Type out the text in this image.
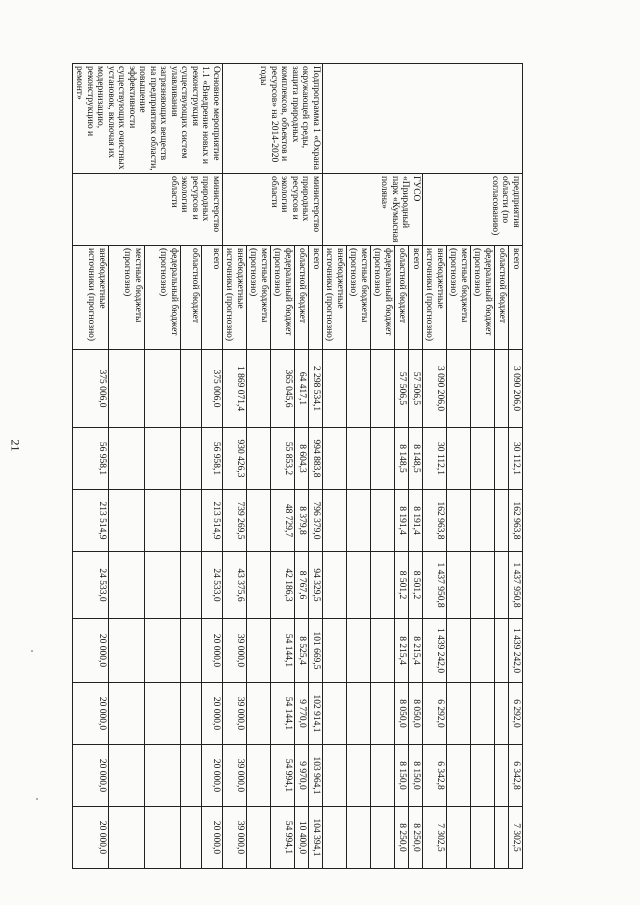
21
	предприятия области (по согласованию)	всего	3 090 206,0	30 112,1	162 963,8	1 437 950,8	1 439 242,0	6 292,0	6 342,8	7 302,5
		областной бюджет								
		федеральный бюджет (прогнозно)								
		местные бюджеты (прогнозно)								
		внебюджетные источники (прогнозно)	3 090 206,0	30 112,1	162 963,8	1 437 950,8	1 439 242,0	6 292,0	6 342,8	7 302,5
	ГУСО «Природный парк «Кумысная поляна»	всего	57 506,5	8 148,5	8 191,4	8 501,2	8 215,4	8 050,0	8 150,0	8 250,0
		областной бюджет	57 506,5	8 148,5	8 191,4	8 501,2	8 215,4	8 050,0	8 150,0	8 250,0
		федеральный бюджет (прогнозно)								
		местные бюджеты (прогнозно)								
		внебюджетные источники (прогнозно)								
Подпрограмма 1 «Охрана окружающей среды, защита природных комплексов, объектов и ресурсов» на 2014-2020 годы	министерство природных ресурсов и экологии области	всего	2 298 534,1	994 883,8	796 379,0	94 329,5	101 669,5	102 914,1	103 964,1	104 394,1
		областной бюджет	64 417,1	8 604,3	8 379,8	8 767,6	8 525,4	9 770,0	9 970,0	10 400,0
		федеральный бюджет (прогнозно)	365 045,6	55 853,2	48 729,7	42 186,3	54 144,1	54 144,1	54 994,1	54 994,1
		местные бюджеты (прогнозно)								
		внебюджетные источники (прогнозно)	1 869 071,4	930 426,3	739 269,5	43 375,6	39 000,0	39 000,0	39 000,0	39 000,0
Основное мероприятие 1.1 «Внедрение новых и реконструкция существующих систем улавливания загрязняющих веществ на предприятиях области, повышение эффективности существующих очистных установок, включая их модернизацию, реконструкцию и ремонт»	министерство природных ресурсов и экологии области	всего	375 006,0	56 958,1	213 514,9	24 533,0	20 000,0	20 000,0	20 000,0	20 000,0
		областной бюджет								
		федеральный бюджет (прогнозно)								
		местные бюджеты (прогнозно)								
		внебюджетные источники (прогнозно)	375 006,0	56 958,1	213 514,9	24 533,0	20 000,0	20 000,0	20 000,0	20 000,0
